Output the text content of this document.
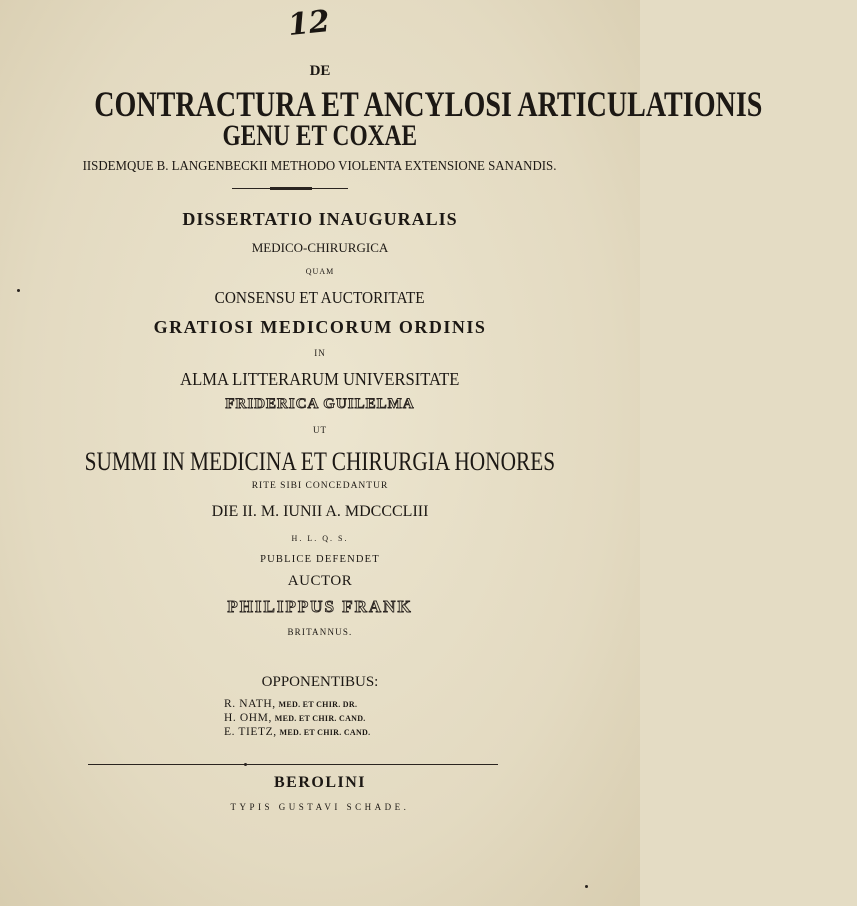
12
DE
CONTRACTURA ET ANCYLOSI ARTICULATIONIS
GENU ET COXAE
IISDEMQUE B. LANGENBECKII METHODO VIOLENTA EXTENSIONE SANANDIS.
DISSERTATIO INAUGURALIS
MEDICO-CHIRURGICA
QUAM
CONSENSU ET AUCTORITATE
GRATIOSI MEDICORUM ORDINIS
IN
ALMA LITTERARUM UNIVERSITATE
FRIDERICA GUILELMA
UT
SUMMI IN MEDICINA ET CHIRURGIA HONORES
RITE SIBI CONCEDANTUR
DIE II. M. IUNII A. MDCCCLIII
H. L. Q. S.
PUBLICE DEFENDET
AUCTOR
PHILIPPUS FRANK
BRITANNUS.
OPPONENTIBUS:
R. NATH, MED. ET CHIR. DR.
H. OHM, MED. ET CHIR. CAND.
E. TIETZ, MED. ET CHIR. CAND.
BEROLINI
TYPIS GUSTAVI SCHADE.
